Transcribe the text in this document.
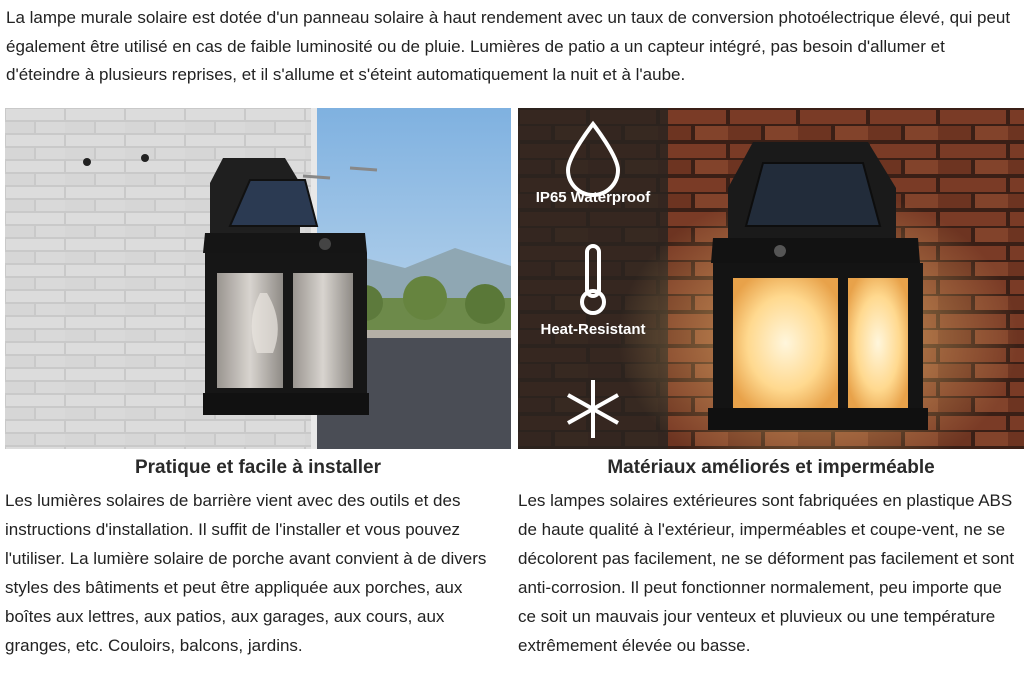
La lampe murale solaire est dotée d'un panneau solaire à haut rendement avec un taux de conversion photoélectrique élevé, qui peut également être utilisé en cas de faible luminosité ou de pluie. Lumières de patio a un capteur intégré, pas besoin d'allumer et d'éteindre à plusieurs reprises, et il s'allume et s'éteint automatiquement la nuit et à l'aube.
Pratique et facile à installer

Les lumières solaires de barrière vient avec des outils et des instructions d'installation. Il suffit de l'installer et vous pouvez l'utiliser. La lumière solaire de porche avant convient à de divers styles des bâtiments et peut être appliquée aux porches, aux boîtes aux lettres, aux patios, aux garages, aux cours, aux granges, etc. Couloirs, balcons, jardins.

IP65 Waterproof
Heat-Resistant
Matériaux améliorés et imperméable

Les lampes solaires extérieures sont fabriquées en plastique ABS de haute qualité à l'extérieur, imperméables et coupe-vent, ne se décolorent pas facilement, ne se déforment pas facilement et sont anti-corrosion. Il peut fonctionner normalement, peu importe que ce soit un mauvais jour venteux et pluvieux ou une température extrêmement élevée ou basse.
